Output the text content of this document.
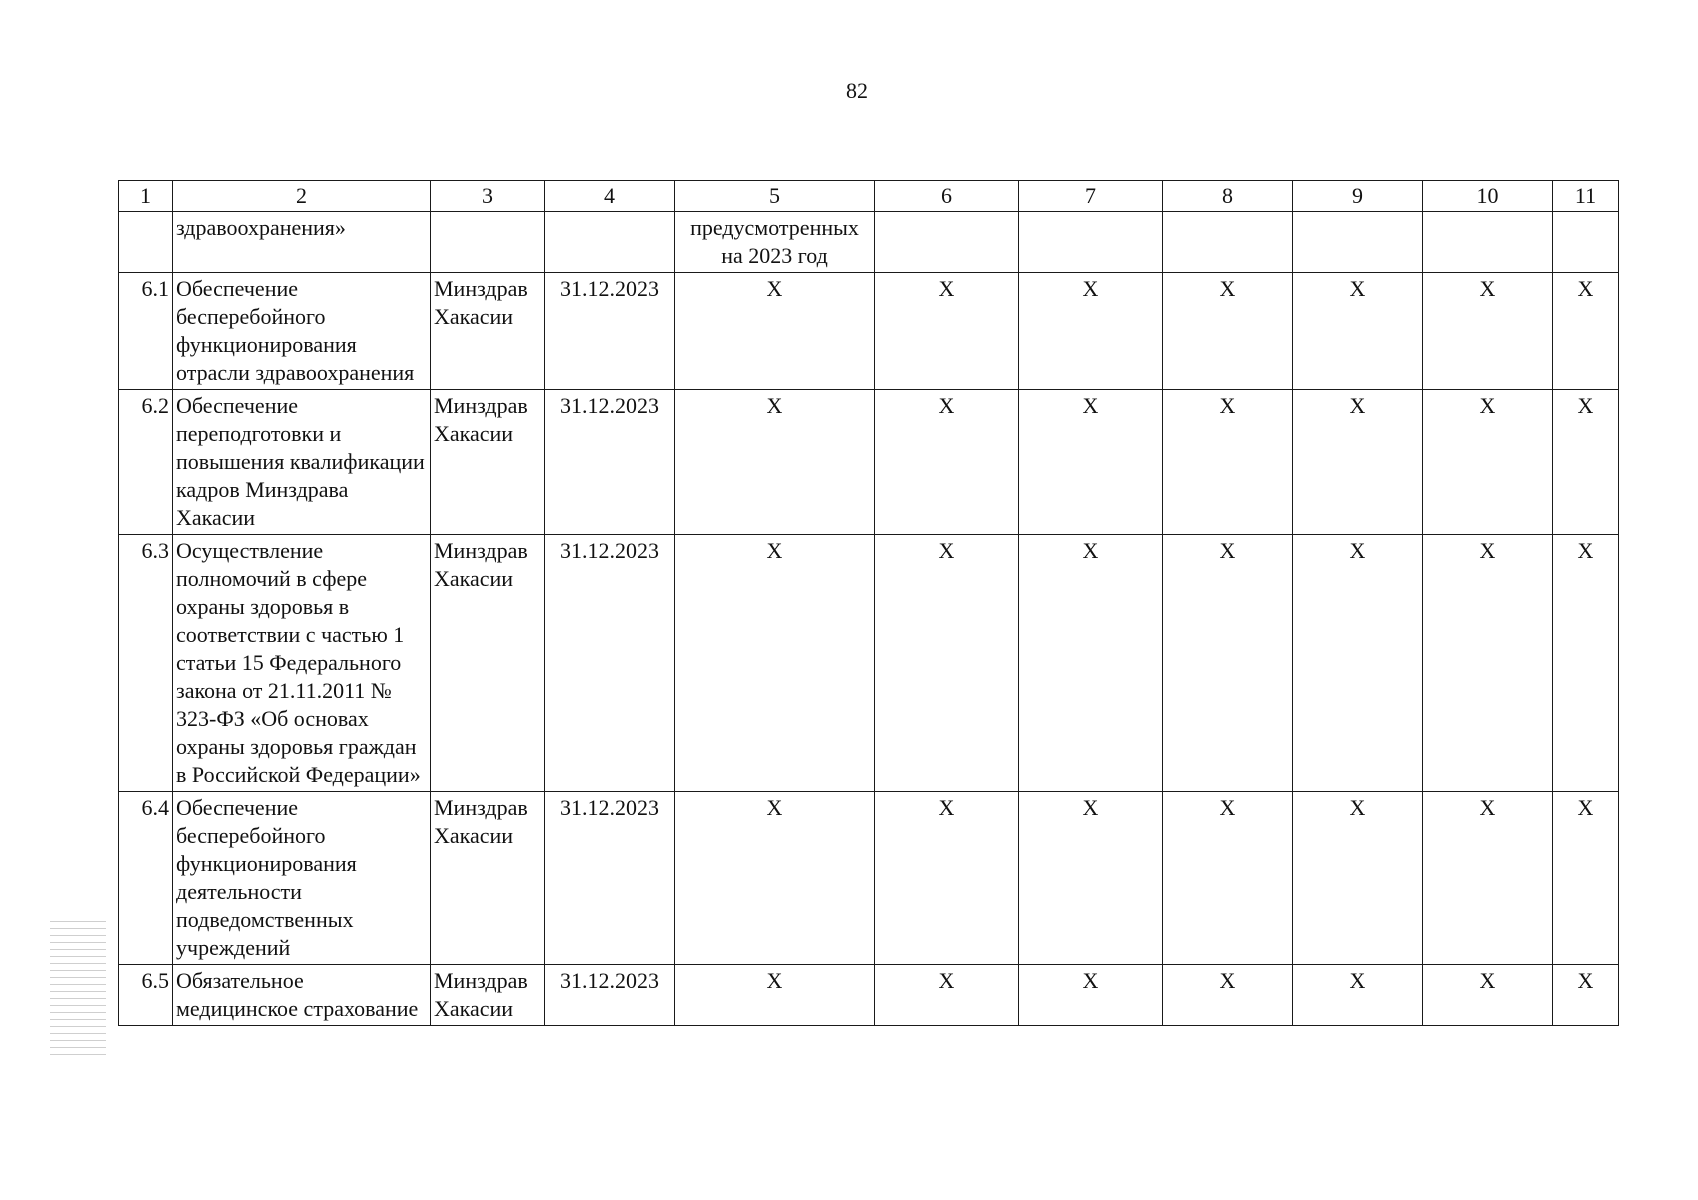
82
1	2	3	4	5	6	7	8	9	10	11
	здравоохранения»			предусмотренных на 2023 год						
6.1	Обеспечение бесперебойного функционирования отрасли здравоохранения	Минздрав Хакасии	31.12.2023	X	X	X	X	X	X	X
6.2	Обеспечение переподготовки и повышения квалификации кадров Минздрава Хакасии	Минздрав Хакасии	31.12.2023	X	X	X	X	X	X	X
6.3	Осуществление полномочий в сфере охраны здоровья в соответствии с частью 1 статьи 15 Федерального закона от 21.11.2011 № 323-ФЗ «Об основах охраны здоровья граждан в Российской Федерации»	Минздрав Хакасии	31.12.2023	X	X	X	X	X	X	X
6.4	Обеспечение бесперебойного функционирования деятельности подведомственных учреждений	Минздрав Хакасии	31.12.2023	X	X	X	X	X	X	X
6.5	Обязательное медицинское страхование	Минздрав Хакасии	31.12.2023	X	X	X	X	X	X	X
